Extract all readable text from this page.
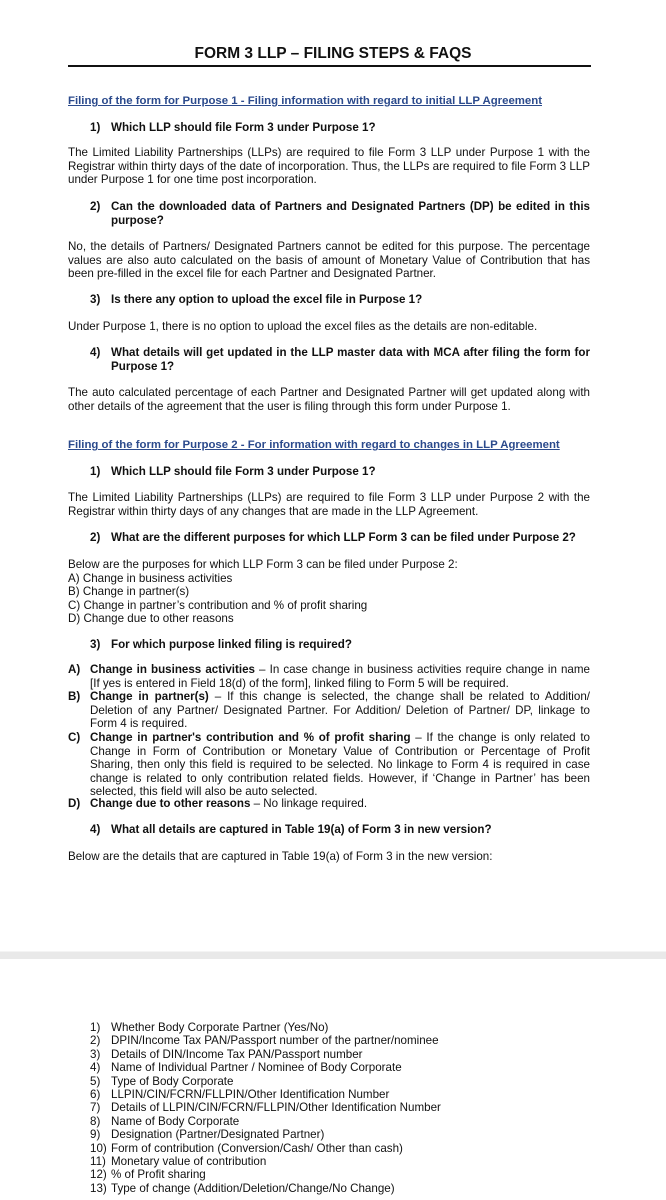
FORM 3 LLP – FILING STEPS & FAQS
Filing of the form for Purpose 1 - Filing information with regard to initial LLP Agreement
1) Which LLP should file Form 3 under Purpose 1?
The Limited Liability Partnerships (LLPs) are required to file Form 3 LLP under Purpose 1 with the Registrar within thirty days of the date of incorporation. Thus, the LLPs are required to file Form 3 LLP under Purpose 1 for one time post incorporation.
2) Can the downloaded data of Partners and Designated Partners (DP) be edited in this purpose?
No, the details of Partners/ Designated Partners cannot be edited for this purpose. The percentage values are also auto calculated on the basis of amount of Monetary Value of Contribution that has been pre-filled in the excel file for each Partner and Designated Partner.
3) Is there any option to upload the excel file in Purpose 1?
Under Purpose 1, there is no option to upload the excel files as the details are non-editable.
4) What details will get updated in the LLP master data with MCA after filing the form for Purpose 1?
The auto calculated percentage of each Partner and Designated Partner will get updated along with other details of the agreement that the user is filing through this form under Purpose 1.
Filing of the form for Purpose 2 - For information with regard to changes in LLP Agreement
1) Which LLP should file Form 3 under Purpose 1?
The Limited Liability Partnerships (LLPs) are required to file Form 3 LLP under Purpose 2 with the Registrar within thirty days of any changes that are made in the LLP Agreement.
2) What are the different purposes for which LLP Form 3 can be filed under Purpose 2?
Below are the purposes for which LLP Form 3 can be filed under Purpose 2:
A) Change in business activities
B) Change in partner(s)
C) Change in partner’s contribution and % of profit sharing
D) Change due to other reasons
3) For which purpose linked filing is required?
A) Change in business activities – In case change in business activities require change in name [If yes is entered in Field 18(d) of the form], linked filing to Form 5 will be required.
B) Change in partner(s) – If this change is selected, the change shall be related to Addition/ Deletion of any Partner/ Designated Partner. For Addition/ Deletion of Partner/ DP, linkage to Form 4 is required.
C) Change in partner's contribution and % of profit sharing – If the change is only related to Change in Form of Contribution or Monetary Value of Contribution or Percentage of Profit Sharing, then only this field is required to be selected. No linkage to Form 4 is required in case change is related to only contribution related fields. However, if ‘Change in Partner’ has been selected, this field will also be auto selected.
D) Change due to other reasons – No linkage required.
4) What all details are captured in Table 19(a) of Form 3 in new version?
Below are the details that are captured in Table 19(a) of Form 3 in the new version:
1) Whether Body Corporate Partner (Yes/No)
2) DPIN/Income Tax PAN/Passport number of the partner/nominee
3) Details of DIN/Income Tax PAN/Passport number
4) Name of Individual Partner / Nominee of Body Corporate
5) Type of Body Corporate
6) LLPIN/CIN/FCRN/FLLPIN/Other Identification Number
7) Details of LLPIN/CIN/FCRN/FLLPIN/Other Identification Number
8) Name of Body Corporate
9) Designation (Partner/Designated Partner)
10) Form of contribution (Conversion/Cash/ Other than cash)
11) Monetary value of contribution
12) % of Profit sharing
13) Type of change (Addition/Deletion/Change/No Change)
